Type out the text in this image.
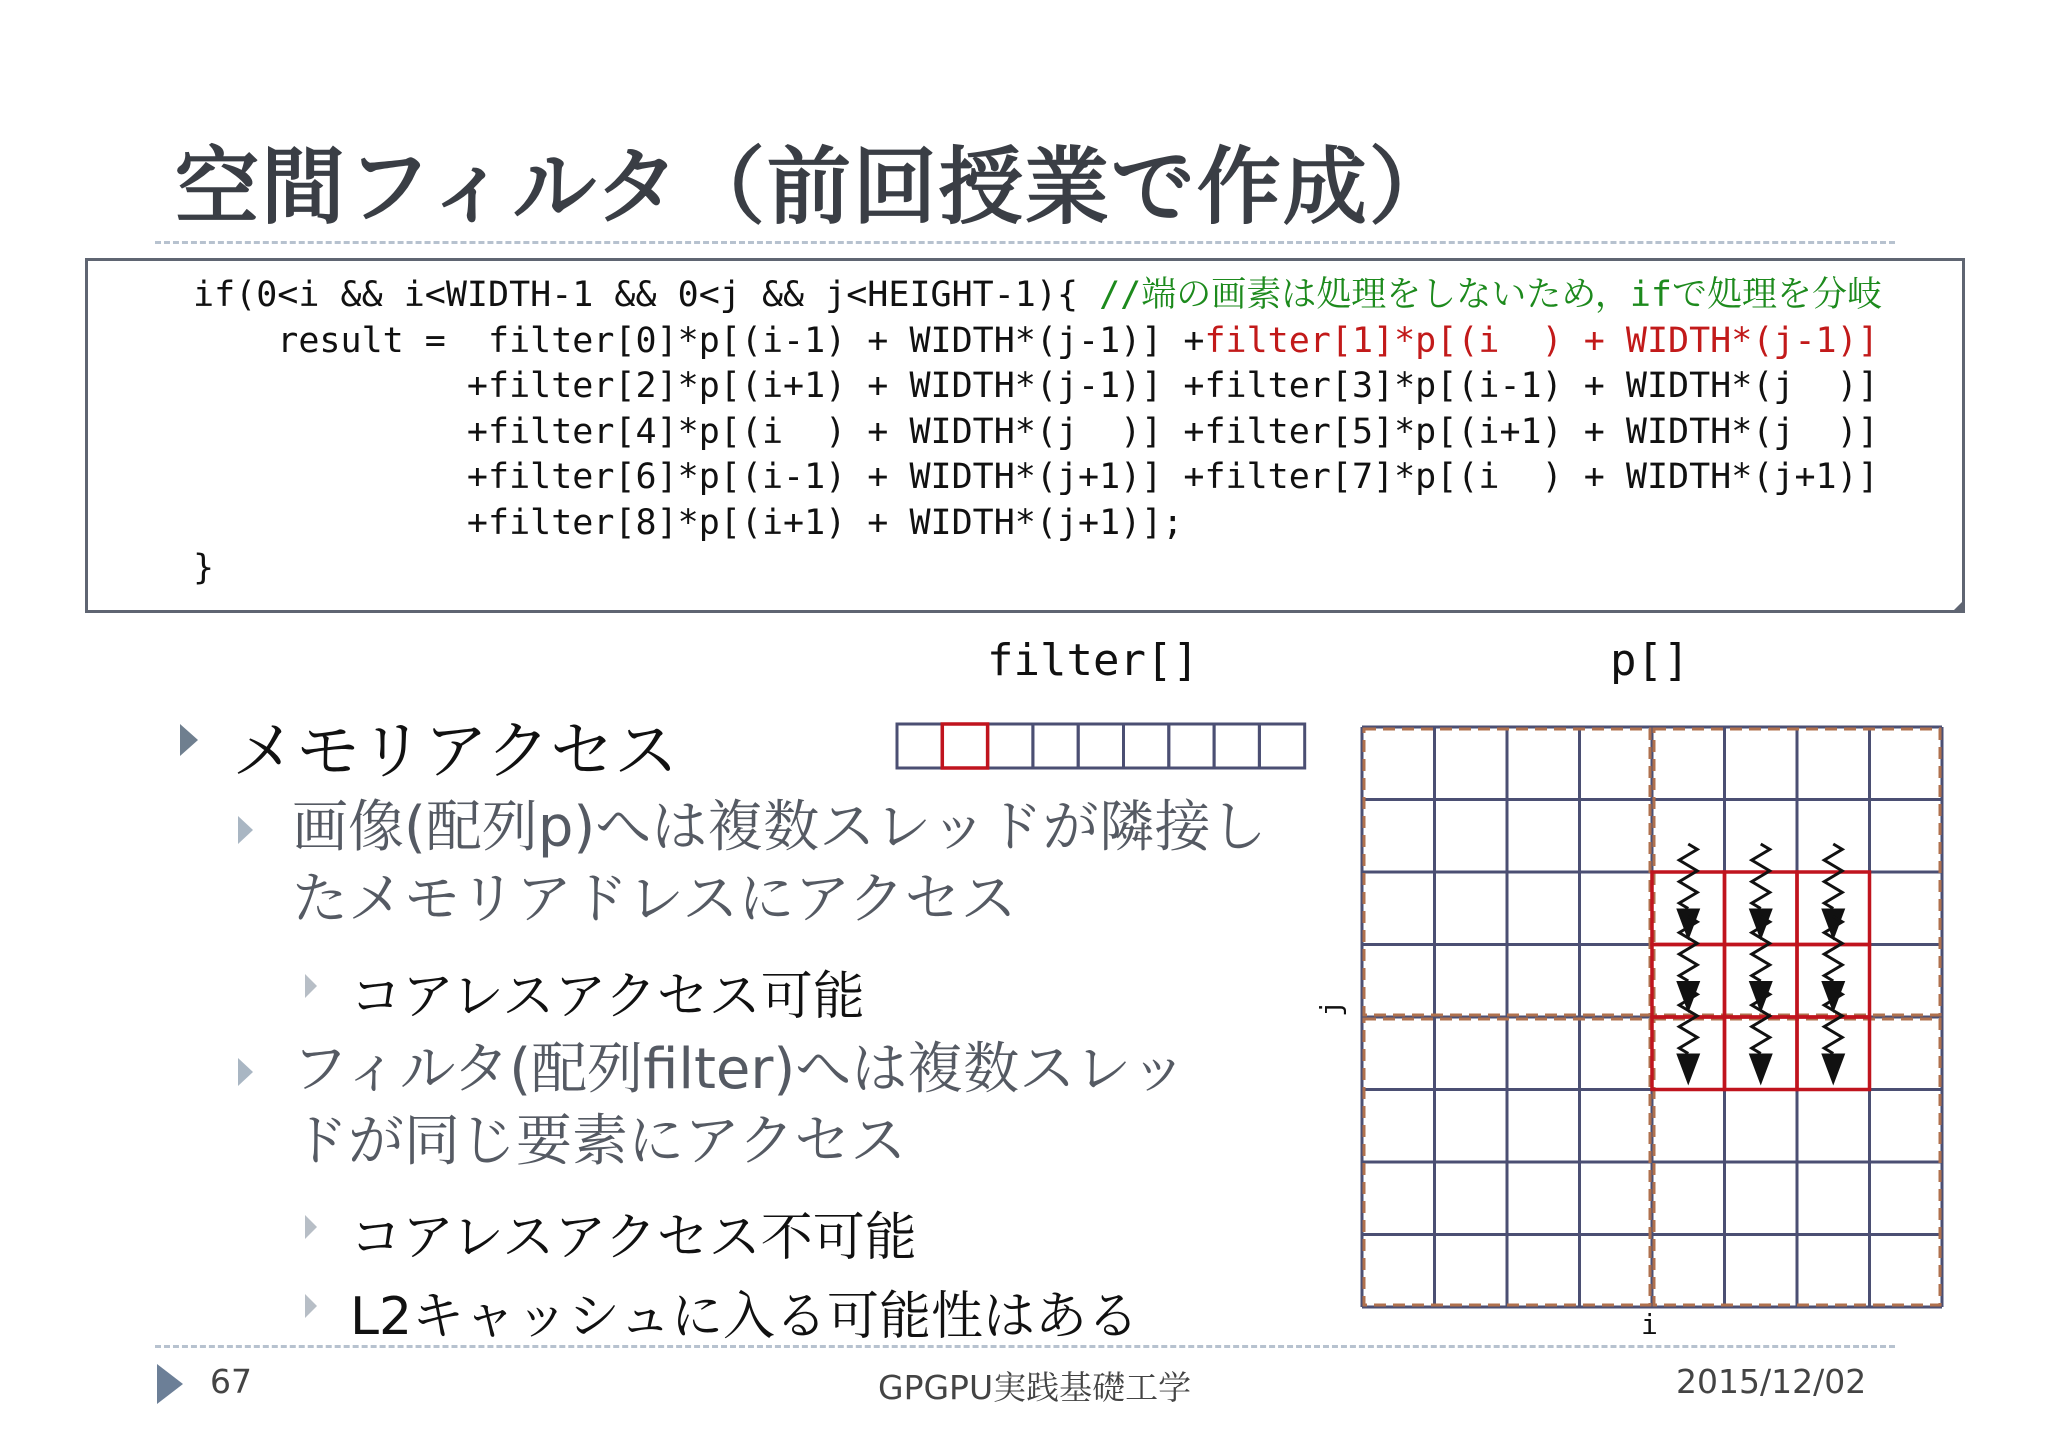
空間フィルタ（前回授業で作成）
if(0<i && i<WIDTH-1 && 0<j && j<HEIGHT-1){ //端の画素は処理をしないため，ifで処理を分岐
result =  filter[0]*p[(i-1) + WIDTH*(j-1)] +filter[1]*p[(i  ) + WIDTH*(j-1)]
+filter[2]*p[(i+1) + WIDTH*(j-1)] +filter[3]*p[(i-1) + WIDTH*(j  )]
+filter[4]*p[(i  ) + WIDTH*(j  )] +filter[5]*p[(i+1) + WIDTH*(j  )]
+filter[6]*p[(i-1) + WIDTH*(j+1)] +filter[7]*p[(i  ) + WIDTH*(j+1)]
+filter[8]*p[(i+1) + WIDTH*(j+1)];
}
filter[]	p[]
メモリアクセス
画像(配列p)へは複数スレッドが隣接し
たメモリアドレスにアクセス
コアレスアクセス可能
フィルタ(配列filter)へは複数スレッ
ドが同じ要素にアクセス
コアレスアクセス不可能
L2キャッシュに入る可能性はある
j
i
67	GPGPU実践基礎工学	2015/12/02
